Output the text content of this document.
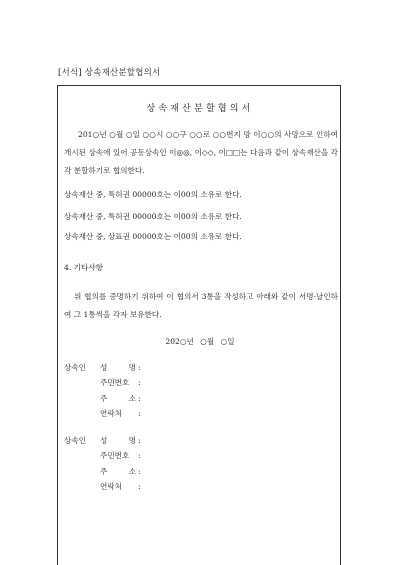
[서식] 상속재산분할협의서
상속재산분할협의서
201○년 ○월 ○일 ○○시 ○○구 ○○로 ○○번지 망 이○○의 사망으로 인하여 개시된 상속에 있어 공동상속인 이◎◎, 이◇◇, 이□□는 다음과 같이 상속재산을 각각 분할하기로 협의한다.
상속재산 중, 특허권 00000호는 이00의 소유로 한다.
상속재산 중, 특허권 00000호는 이00의 소유로 한다.
상속재산 중, 상표권 00000호는 이00의 소유로 한다.
4. 기타사항
위 협의를 증명하기 위하여 이 협의서 3통을 작성하고 아래와 같이 서명·날인하여 그 1통씩을 각자 보유한다.
202○년 ○월 ○일
상속인 성 명 :
주민번호 :
주 소 :
연락처 :
상속인 성 명 :
주민번호 :
주 소 :
연락처 :
